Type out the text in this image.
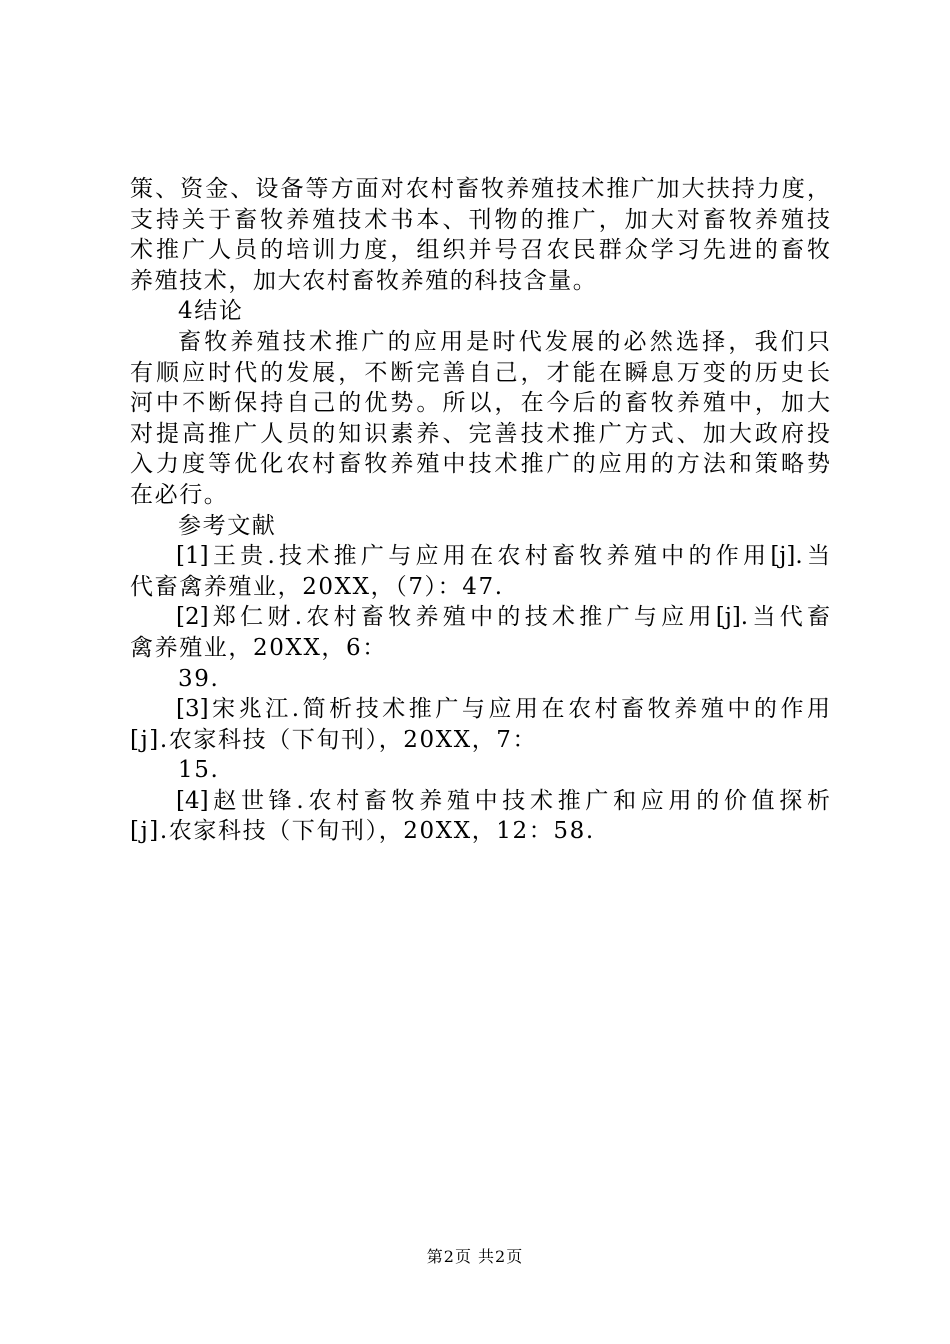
策、资金、设备等方面对农村畜牧养殖技术推广加大扶持力度，
支持关于畜牧养殖技术书本、刊物的推广，加大对畜牧养殖技
术推广人员的培训力度，组织并号召农民群众学习先进的畜牧
养殖技术，加大农村畜牧养殖的科技含量。
4结论
畜牧养殖技术推广的应用是时代发展的必然选择，我们只
有顺应时代的发展，不断完善自己，才能在瞬息万变的历史长
河中不断保持自己的优势。所以，在今后的畜牧养殖中，加大
对提高推广人员的知识素养、完善技术推广方式、加大政府投
入力度等优化农村畜牧养殖中技术推广的应用的方法和策略势
在必行。
参考文献
[1]王贵.技术推广与应用在农村畜牧养殖中的作用[j].当
代畜禽养殖业，20XX，（7）：47.
[2]郑仁财.农村畜牧养殖中的技术推广与应用[j].当代畜
禽养殖业，20XX，6：
39.
[3]宋兆江.简析技术推广与应用在农村畜牧养殖中的作用
[j].农家科技（下旬刊），20XX，7：
15.
[4]赵世锋.农村畜牧养殖中技术推广和应用的价值探析
[j].农家科技（下旬刊），20XX，12：58.
第2页 共2页
